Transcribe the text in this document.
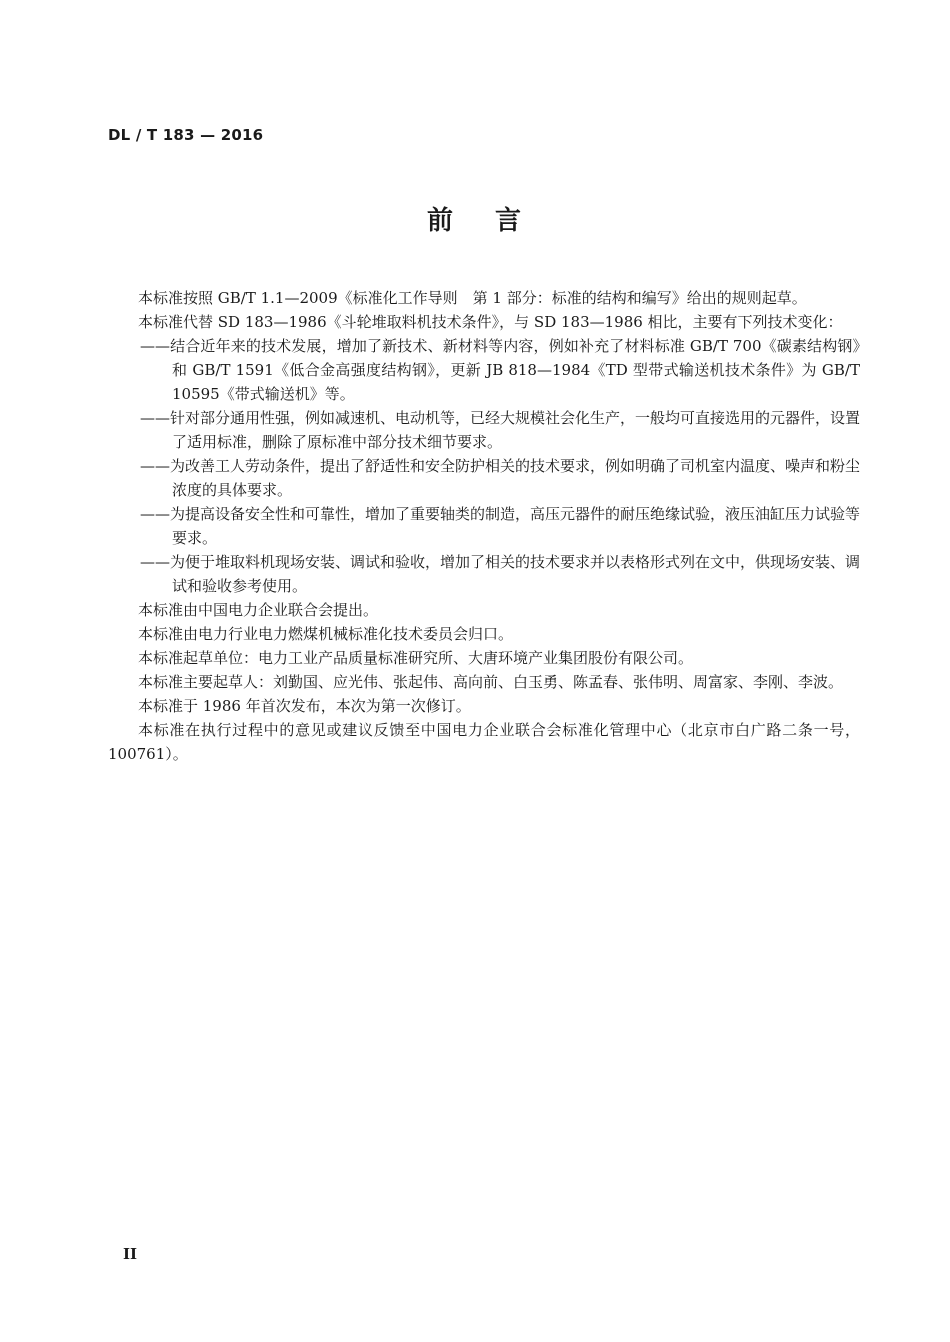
DL / T 183 — 2016
前 言

本标准按照 GB/T 1.1—2009《标准化工作导则　第 1 部分：标准的结构和编写》给出的规则起草。

本标准代替 SD 183—1986《斗轮堆取料机技术条件》，与 SD 183—1986 相比，主要有下列技术变化：

——结合近年来的技术发展，增加了新技术、新材料等内容，例如补充了材料标准 GB/T 700《碳素结构钢》和 GB/T 1591《低合金高强度结构钢》，更新 JB 818—1984《TD 型带式输送机技术条件》为 GB/T 10595《带式输送机》等。

——针对部分通用性强，例如减速机、电动机等，已经大规模社会化生产，一般均可直接选用的元器件，设置了适用标准，删除了原标准中部分技术细节要求。

——为改善工人劳动条件，提出了舒适性和安全防护相关的技术要求，例如明确了司机室内温度、噪声和粉尘浓度的具体要求。

——为提高设备安全性和可靠性，增加了重要轴类的制造，高压元器件的耐压绝缘试验，液压油缸压力试验等要求。

——为便于堆取料机现场安装、调试和验收，增加了相关的技术要求并以表格形式列在文中，供现场安装、调试和验收参考使用。

本标准由中国电力企业联合会提出。

本标准由电力行业电力燃煤机械标准化技术委员会归口。

本标准起草单位：电力工业产品质量标准研究所、大唐环境产业集团股份有限公司。

本标准主要起草人：刘勤国、应光伟、张起伟、高向前、白玉勇、陈孟春、张伟明、周富家、李刚、李波。

本标准于 1986 年首次发布，本次为第一次修订。

本标准在执行过程中的意见或建议反馈至中国电力企业联合会标准化管理中心（北京市白广路二条一号，100761）。

II
